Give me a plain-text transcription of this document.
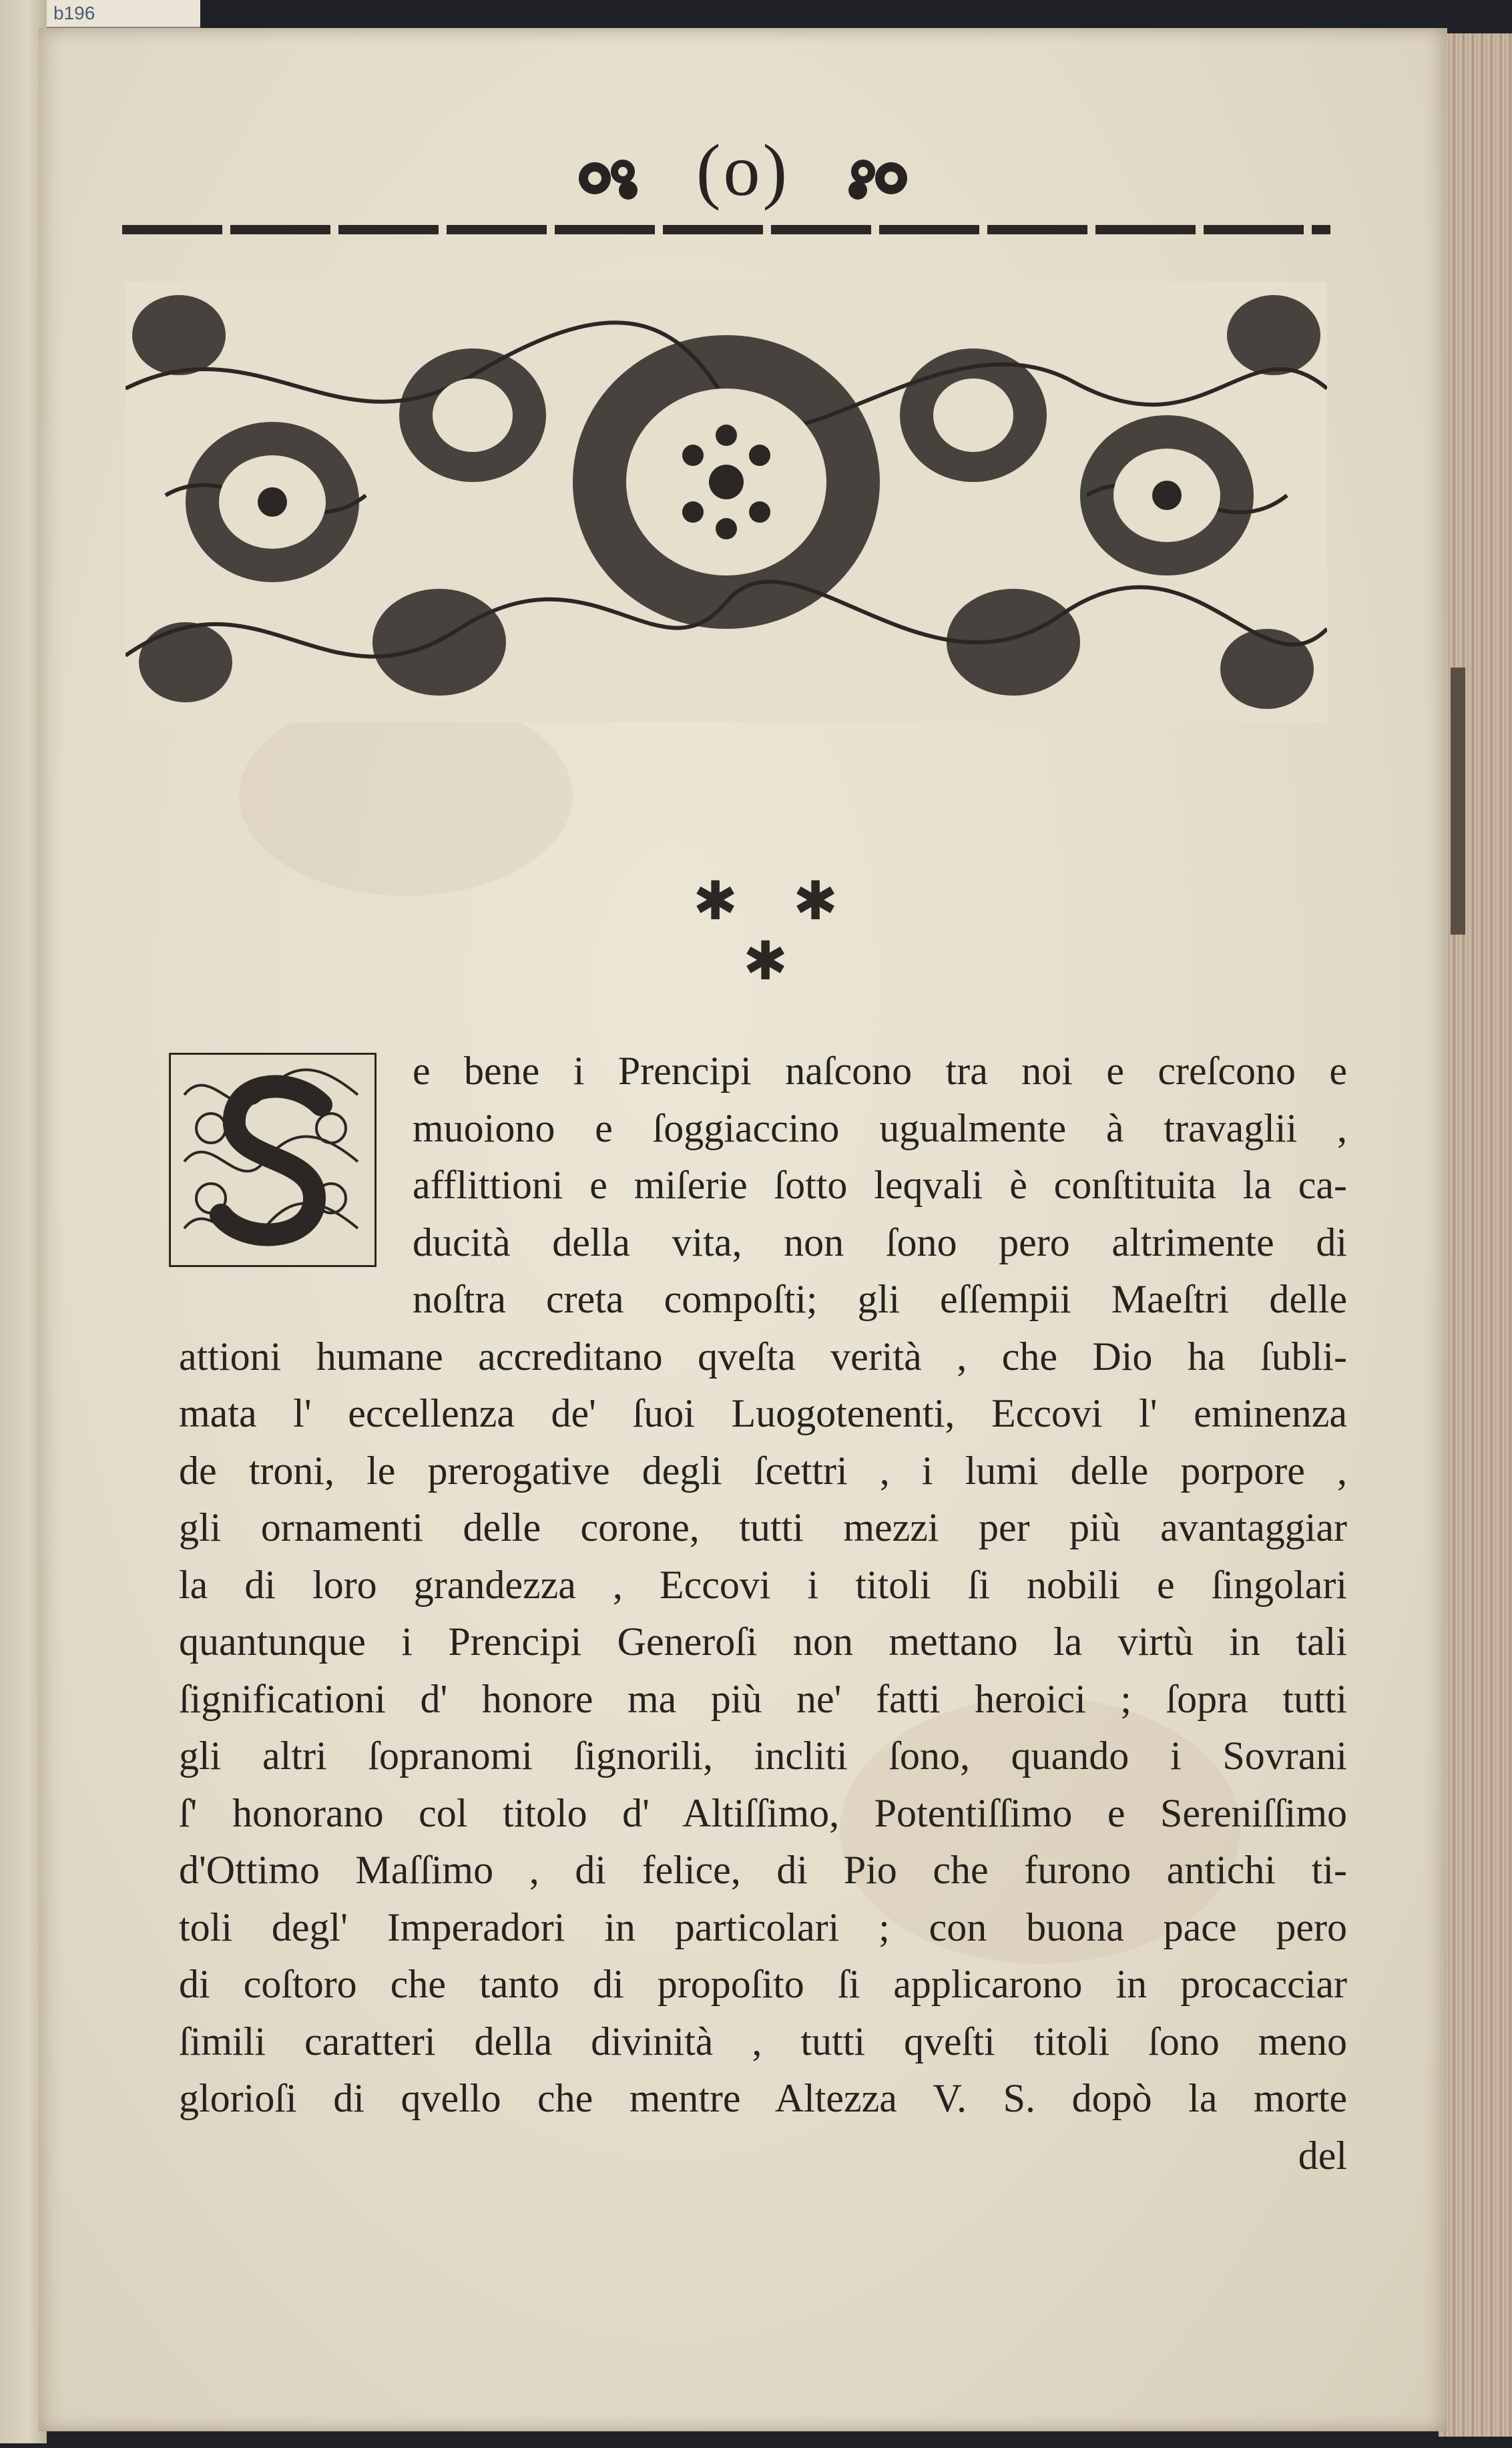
b196
(o)
✱ ✱
✱
e bene i Prencipi naſcono tra noi e creſcono e
muoiono e ſoggiaccino ugualmente à travaglii ,
afflittioni e miſerie ſotto leqvali è conſtituita la ca-
ducità della vita, non ſono pero altrimente di
noſtra creta compoſti; gli eſſempii Maeſtri delle
attioni humane accreditano qveſta verità , che Dio ha ſubli-
mata l' eccellenza de' ſuoi Luogotenenti, Eccovi l' eminenza
de troni, le prerogative degli ſcettri , i lumi delle porpore ,
gli ornamenti delle corone, tutti mezzi per più avantaggiar
la di loro grandezza , Eccovi i titoli ſi nobili e ſingolari
quantunque i Prencipi Generoſi non mettano la virtù in tali
ſignificationi d' honore ma più ne' fatti heroici ; ſopra tutti
gli altri ſopranomi ſignorili, incliti ſono, quando i Sovrani
ſ' honorano col titolo d' Altiſſimo, Potentiſſimo e Sereniſſimo
d'Ottimo Maſſimo , di felice, di Pio che furono antichi ti-
toli degl' Imperadori in particolari ; con buona pace pero
di coſtoro che tanto di propoſito ſi applicarono in procacciar
ſimili caratteri della divinità , tutti qveſti titoli ſono meno
glorioſi di qvello che mentre Altezza V. S. dopò la morte
del
